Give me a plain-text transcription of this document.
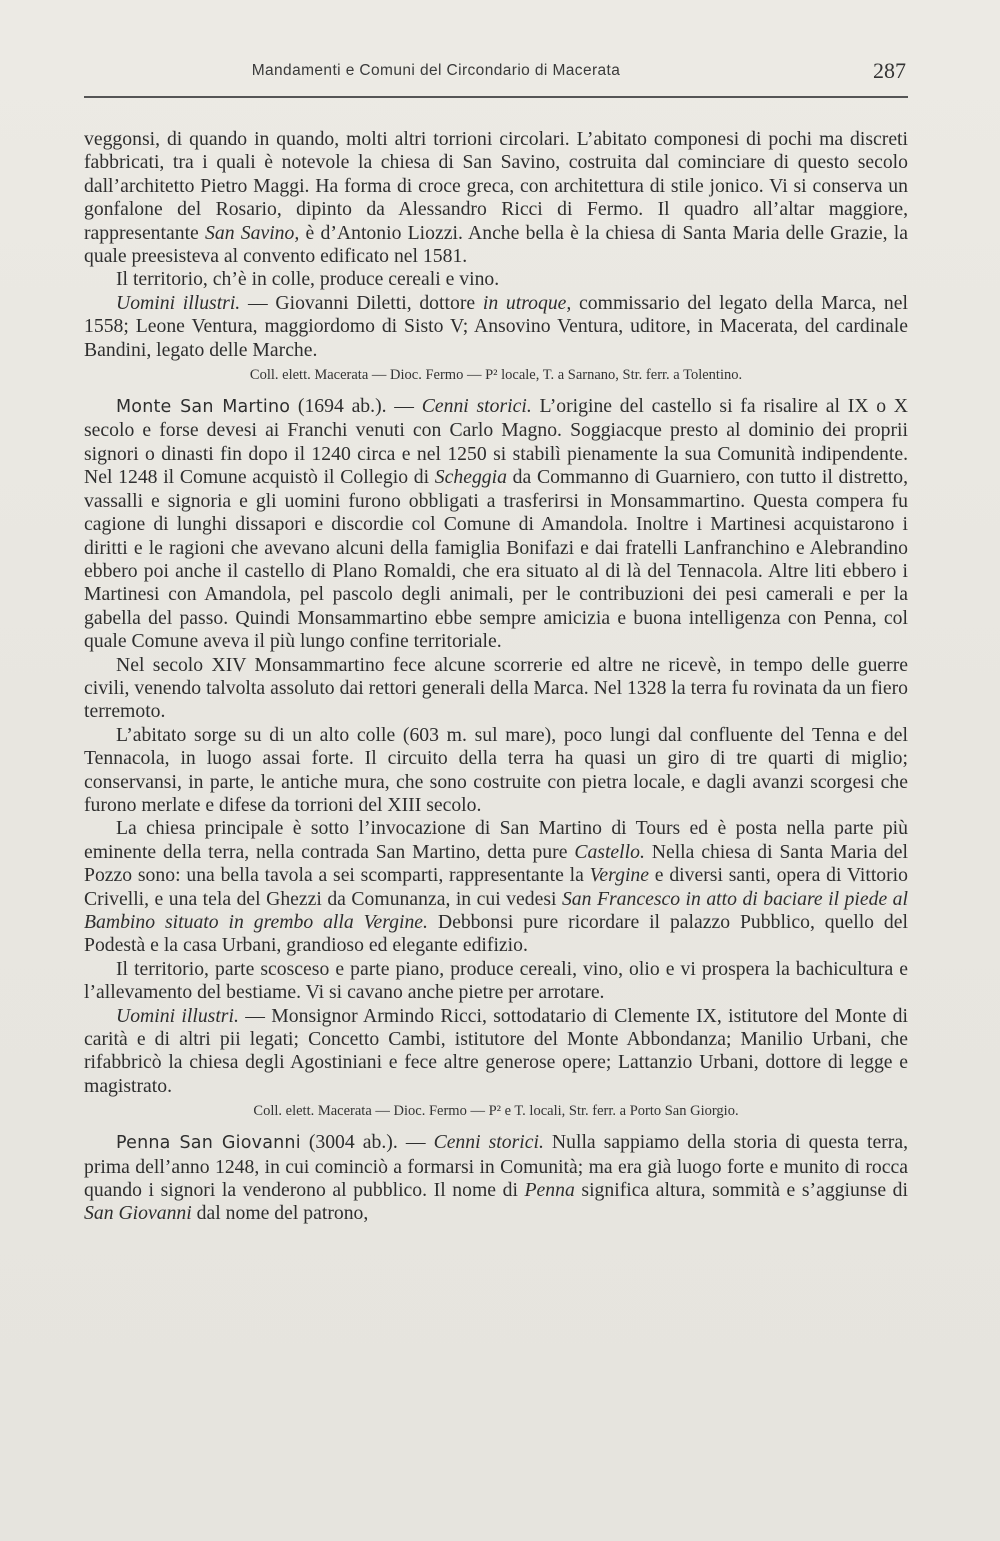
Mandamenti e Comuni del Circondario di Macerata	287

veggonsi, di quando in quando, molti altri torrioni circolari. L’abitato componesi di pochi ma discreti fabbricati, tra i quali è notevole la chiesa di San Savino, costruita dal cominciare di questo secolo dall’architetto Pietro Maggi. Ha forma di croce greca, con architettura di stile jonico. Vi si conserva un gonfalone del Rosario, dipinto da Alessandro Ricci di Fermo. Il quadro all’altar maggiore, rappresentante San Savino, è d’Antonio Liozzi. Anche bella è la chiesa di Santa Maria delle Grazie, la quale preesisteva al convento edificato nel 1581.

Il territorio, ch’è in colle, produce cereali e vino.

Uomini illustri. — Giovanni Diletti, dottore in utroque, commissario del legato della Marca, nel 1558; Leone Ventura, maggiordomo di Sisto V; Ansovino Ventura, uditore, in Macerata, del cardinale Bandini, legato delle Marche.

Coll. elett. Macerata — Dioc. Fermo — P² locale, T. a Sarnano, Str. ferr. a Tolentino.

Monte San Martino (1694 ab.). — Cenni storici. L’origine del castello si fa risalire al IX o X secolo e forse devesi ai Franchi venuti con Carlo Magno. Soggiacque presto al dominio dei proprii signori o dinasti fin dopo il 1240 circa e nel 1250 si stabilì pienamente la sua Comunità indipendente. Nel 1248 il Comune acquistò il Collegio di Scheggia da Commanno di Guarniero, con tutto il distretto, vassalli e signoria e gli uomini furono obbligati a trasferirsi in Monsammartino. Questa compera fu cagione di lunghi dissapori e discordie col Comune di Amandola. Inoltre i Martinesi acquistarono i diritti e le ragioni che avevano alcuni della famiglia Bonifazi e dai fratelli Lanfranchino e Alebrandino ebbero poi anche il castello di Plano Romaldi, che era situato al di là del Tennacola. Altre liti ebbero i Martinesi con Amandola, pel pascolo degli animali, per le contribuzioni dei pesi camerali e per la gabella del passo. Quindi Monsammartino ebbe sempre amicizia e buona intelligenza con Penna, col quale Comune aveva il più lungo confine territoriale.

Nel secolo XIV Monsammartino fece alcune scorrerie ed altre ne ricevè, in tempo delle guerre civili, venendo talvolta assoluto dai rettori generali della Marca. Nel 1328 la terra fu rovinata da un fiero terremoto.

L’abitato sorge su di un alto colle (603 m. sul mare), poco lungi dal confluente del Tenna e del Tennacola, in luogo assai forte. Il circuito della terra ha quasi un giro di tre quarti di miglio; conservansi, in parte, le antiche mura, che sono costruite con pietra locale, e dagli avanzi scorgesi che furono merlate e difese da torrioni del XIII secolo.

La chiesa principale è sotto l’invocazione di San Martino di Tours ed è posta nella parte più eminente della terra, nella contrada San Martino, detta pure Castello. Nella chiesa di Santa Maria del Pozzo sono: una bella tavola a sei scomparti, rappresentante la Vergine e diversi santi, opera di Vittorio Crivelli, e una tela del Ghezzi da Comunanza, in cui vedesi San Francesco in atto di baciare il piede al Bambino situato in grembo alla Vergine. Debbonsi pure ricordare il palazzo Pubblico, quello del Podestà e la casa Urbani, grandioso ed elegante edifizio.

Il territorio, parte scosceso e parte piano, produce cereali, vino, olio e vi prospera la bachicultura e l’allevamento del bestiame. Vi si cavano anche pietre per arrotare.

Uomini illustri. — Monsignor Armindo Ricci, sottodatario di Clemente IX, istitutore del Monte di carità e di altri pii legati; Concetto Cambi, istitutore del Monte Abbondanza; Manilio Urbani, che rifabbricò la chiesa degli Agostiniani e fece altre generose opere; Lattanzio Urbani, dottore di legge e magistrato.

Coll. elett. Macerata — Dioc. Fermo — P² e T. locali, Str. ferr. a Porto San Giorgio.

Penna San Giovanni (3004 ab.). — Cenni storici. Nulla sappiamo della storia di questa terra, prima dell’anno 1248, in cui cominciò a formarsi in Comunità; ma era già luogo forte e munito di rocca quando i signori la venderono al pubblico. Il nome di Penna significa altura, sommità e s’aggiunse di San Giovanni dal nome del patrono,
